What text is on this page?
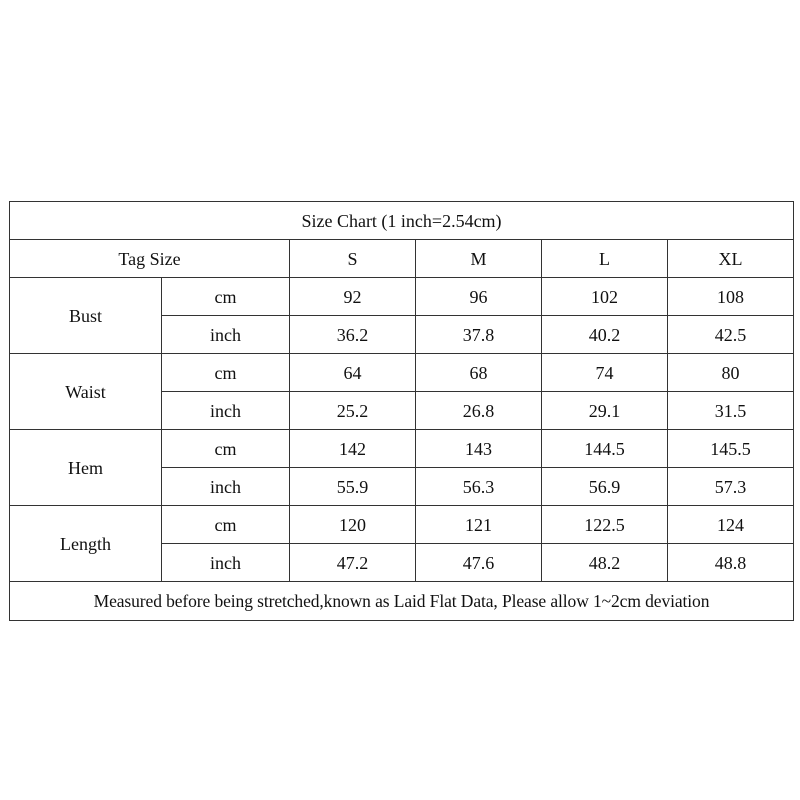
Size Chart (1 inch=2.54cm)					
Tag Size		S	M	L	XL
Bust	cm	92	96	102	108
	inch	36.2	37.8	40.2	42.5
Waist	cm	64	68	74	80
	inch	25.2	26.8	29.1	31.5
Hem	cm	142	143	144.5	145.5
	inch	55.9	56.3	56.9	57.3
Length	cm	120	121	122.5	124
	inch	47.2	47.6	48.2	48.8
Measured before being stretched,known as Laid Flat Data, Please allow 1~2cm deviation					
